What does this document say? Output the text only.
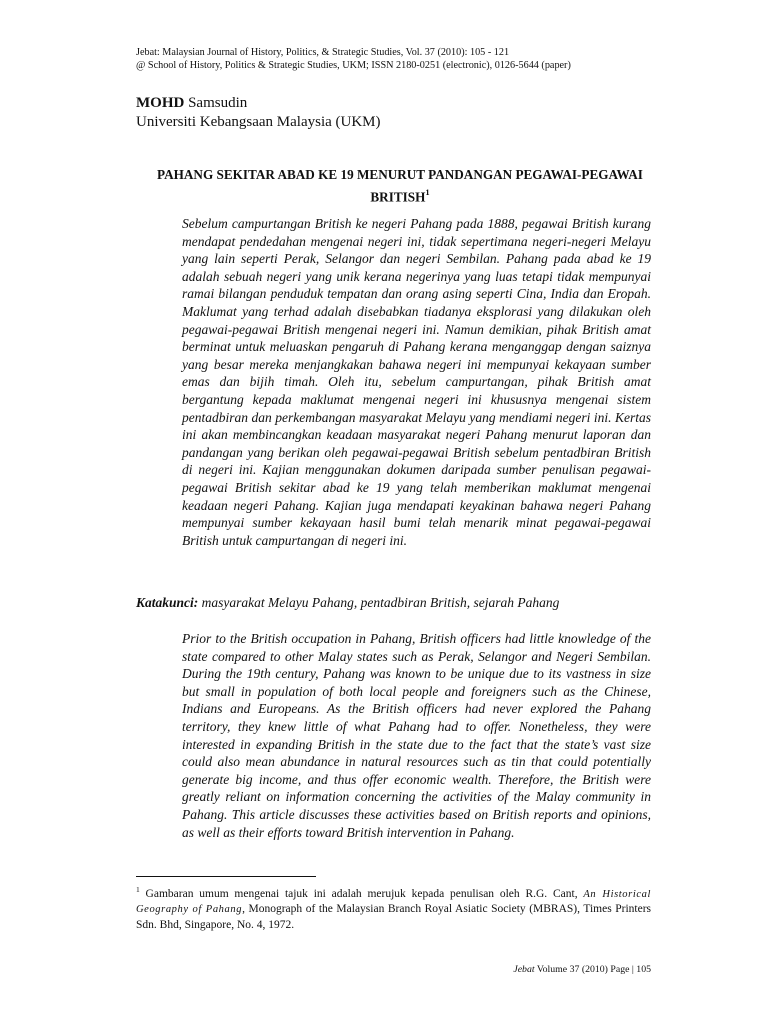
Jebat: Malaysian Journal of History, Politics, & Strategic Studies, Vol. 37 (2010): 105 - 121
@ School of History, Politics & Strategic Studies, UKM; ISSN 2180-0251 (electronic), 0126-5644 (paper)
MOHD Samsudin
Universiti Kebangsaan Malaysia (UKM)
PAHANG SEKITAR ABAD KE 19 MENURUT PANDANGAN PEGAWAI-PEGAWAI BRITISH$^1$
Sebelum campurtangan British ke negeri Pahang pada 1888, pegawai British kurang mendapat pendedahan mengenai negeri ini, tidak sepertimana negeri-negeri Melayu yang lain seperti Perak, Selangor dan negeri Sembilan. Pahang pada abad ke 19 adalah sebuah negeri yang unik kerana negerinya yang luas tetapi tidak mempunyai ramai bilangan penduduk tempatan dan orang asing seperti Cina, India dan Eropah. Maklumat yang terhad adalah disebabkan tiadanya eksplorasi yang dilakukan oleh pegawai-pegawai British mengenai negeri ini. Namun demikian, pihak British amat berminat untuk meluaskan pengaruh di Pahang kerana menganggap dengan saiznya yang besar mereka menjangkakan bahawa negeri ini mempunyai kekayaan sumber emas dan bijih timah. Oleh itu, sebelum campurtangan, pihak British amat bergantung kepada maklumat mengenai negeri ini khususnya mengenai sistem pentadbiran dan perkembangan masyarakat Melayu yang mendiami negeri ini. Kertas ini akan membincangkan keadaan masyarakat negeri Pahang menurut laporan dan pandangan yang berikan oleh pegawai-pegawai British sebelum pentadbiran British di negeri ini. Kajian menggunakan dokumen daripada sumber penulisan pegawai-pegawai British sekitar abad ke 19 yang telah memberikan maklumat mengenai keadaan negeri Pahang. Kajian juga mendapati keyakinan bahawa negeri Pahang mempunyai sumber kekayaan hasil bumi telah menarik minat pegawai-pegawai British untuk campurtangan di negeri ini.
Katakunci: masyarakat Melayu Pahang, pentadbiran British, sejarah Pahang
Prior to the British occupation in Pahang, British officers had little knowledge of the state compared to other Malay states such as Perak, Selangor and Negeri Sembilan. During the 19th century, Pahang was known to be unique due to its vastness in size but small in population of both local people and foreigners such as the Chinese, Indians and Europeans. As the British officers had never explored the Pahang territory, they knew little of what Pahang had to offer. Nonetheless, they were interested in expanding British in the state due to the fact that the state’s vast size could also mean abundance in natural resources such as tin that could potentially generate big income, and thus offer economic wealth. Therefore, the British were greatly reliant on information concerning the activities of the Malay community in Pahang. This article discusses these activities based on British reports and opinions, as well as their efforts toward British intervention in Pahang.
$^1$ Gambaran umum mengenai tajuk ini adalah merujuk kepada penulisan oleh R.G. Cant, An Historical Geography of Pahang, Monograph of the Malaysian Branch Royal Asiatic Society (MBRAS), Times Printers Sdn. Bhd, Singapore, No. 4, 1972.
Jebat Volume 37 (2010) Page | 105
